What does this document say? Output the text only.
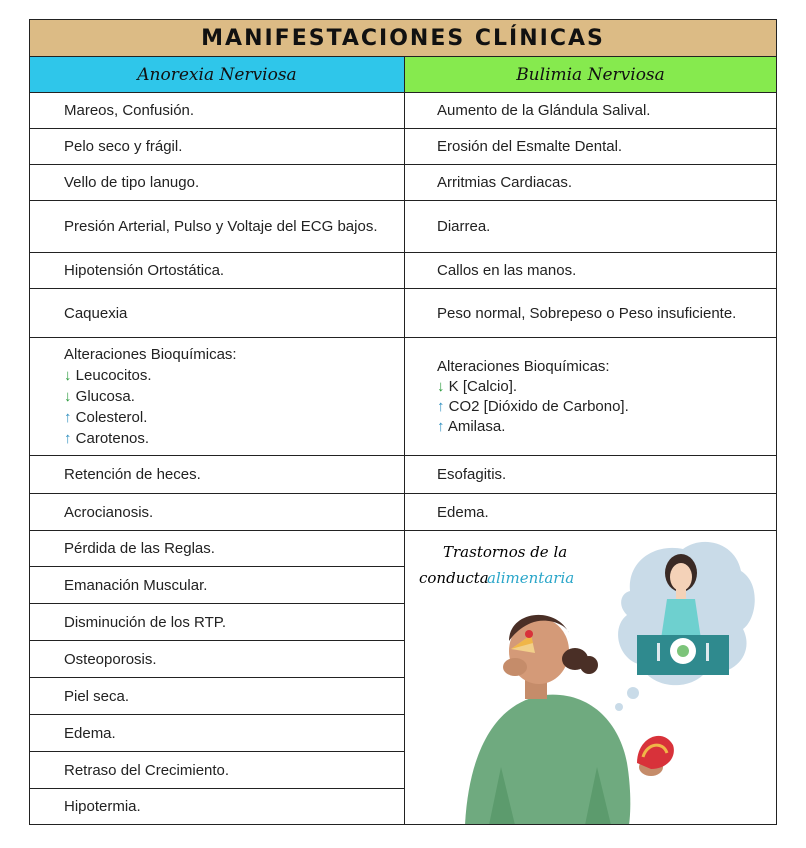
MANIFESTACIONES CLÍNICAS
Anorexia Nerviosa	Bulimia Nerviosa
Mareos, Confusión.
Pelo seco y frágil.
Vello de tipo lanugo.
Presión Arterial, Pulso y Voltaje del ECG bajos.
Hipotensión Ortostática.
Caquexia
Alteraciones Bioquímicas:
↓ Leucocitos.
↓ Glucosa.
↑ Colesterol.
↑ Carotenos.
Retención de heces.
Acrocianosis.
Pérdida de las Reglas.
Emanación Muscular.
Disminución de los RTP.
Osteoporosis.
Piel seca.
Edema.
Retraso del Crecimiento.
Hipotermia.
Aumento de la Glándula Salival.
Erosión del Esmalte Dental.
Arritmias Cardiacas.
Diarrea.
Callos en las manos.
Peso normal, Sobrepeso o Peso insuficiente.
Alteraciones Bioquímicas:
↓ K [Calcio].
↑ CO2 [Dióxido de Carbono].
↑ Amilasa.
Esofagitis.
Edema.
Trastornos de la
conducta
alimentaria
